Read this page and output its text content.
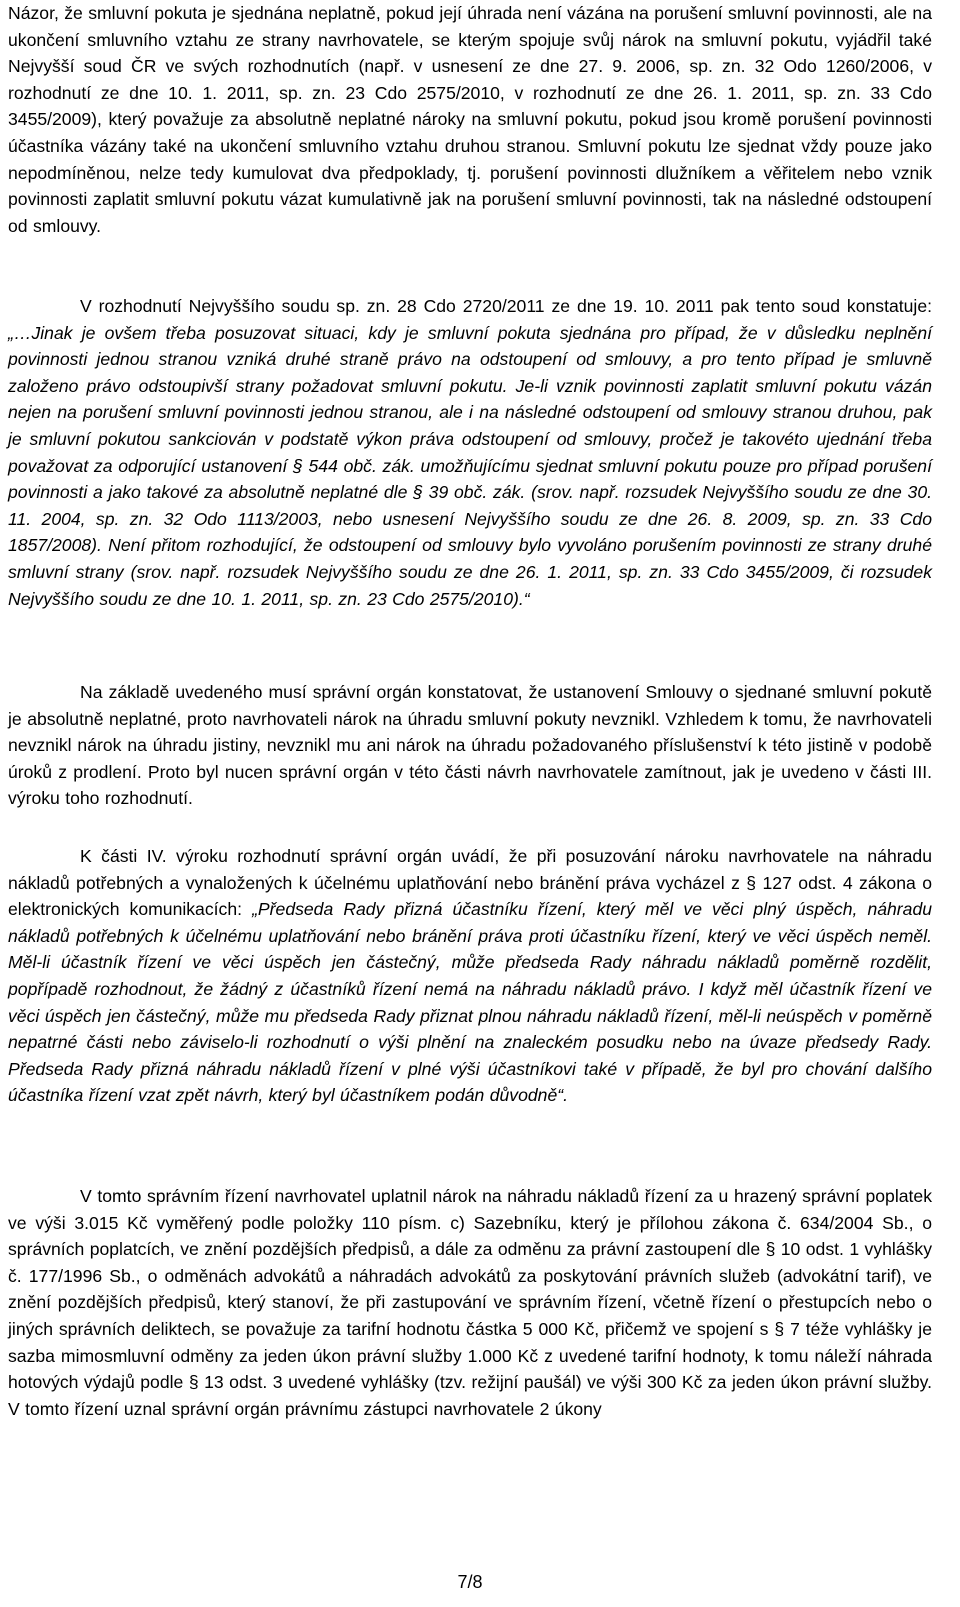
Názor, že smluvní pokuta je sjednána neplatně, pokud její úhrada není vázána na porušení smluvní povinnosti, ale na ukončení smluvního vztahu ze strany navrhovatele, se kterým spojuje svůj nárok na smluvní pokutu, vyjádřil také Nejvyšší soud ČR ve svých rozhodnutích (např. v usnesení ze dne 27. 9. 2006, sp. zn. 32 Odo 1260/2006, v rozhodnutí ze dne 10. 1. 2011, sp. zn. 23 Cdo 2575/2010, v rozhodnutí ze dne 26. 1. 2011, sp. zn. 33 Cdo 3455/2009), který považuje za absolutně neplatné nároky na smluvní pokutu, pokud jsou kromě porušení povinnosti účastníka vázány také na ukončení smluvního vztahu druhou stranou. Smluvní pokutu lze sjednat vždy pouze jako nepodmíněnou, nelze tedy kumulovat dva předpoklady, tj. porušení povinnosti dlužníkem a věřitelem nebo vznik povinnosti zaplatit smluvní pokutu vázat kumulativně jak na porušení smluvní povinnosti, tak na následné odstoupení od smlouvy.

V rozhodnutí Nejvyššího soudu sp. zn. 28 Cdo 2720/2011 ze dne 19. 10. 2011 pak tento soud konstatuje: „…Jinak je ovšem třeba posuzovat situaci, kdy je smluvní pokuta sjednána pro případ, že v důsledku neplnění povinnosti jednou stranou vzniká druhé straně právo na odstoupení od smlouvy, a pro tento případ je smluvně založeno právo odstoupivší strany požadovat smluvní pokutu. Je-li vznik povinnosti zaplatit smluvní pokutu vázán nejen na porušení smluvní povinnosti jednou stranou, ale i na následné odstoupení od smlouvy stranou druhou, pak je smluvní pokutou sankciován v podstatě výkon práva odstoupení od smlouvy, pročež je takovéto ujednání třeba považovat za odporující ustanovení § 544 obč. zák. umožňujícímu sjednat smluvní pokutu pouze pro případ porušení povinnosti a jako takové za absolutně neplatné dle § 39 obč. zák. (srov. např. rozsudek Nejvyššího soudu ze dne 30. 11. 2004, sp. zn. 32 Odo 1113/2003, nebo usnesení Nejvyššího soudu ze dne 26. 8. 2009, sp. zn. 33 Cdo 1857/2008). Není přitom rozhodující, že odstoupení od smlouvy bylo vyvoláno porušením povinnosti ze strany druhé smluvní strany (srov. např. rozsudek Nejvyššího soudu ze dne 26. 1. 2011, sp. zn. 33 Cdo 3455/2009, či rozsudek Nejvyššího soudu ze dne 10. 1. 2011, sp. zn. 23 Cdo 2575/2010).“

Na základě uvedeného musí správní orgán konstatovat, že ustanovení Smlouvy o sjednané smluvní pokutě je absolutně neplatné, proto navrhovateli nárok na úhradu smluvní pokuty nevznikl. Vzhledem k tomu, že navrhovateli nevznikl nárok na úhradu jistiny, nevznikl mu ani nárok na úhradu požadovaného příslušenství k této jistině v podobě úroků z prodlení. Proto byl nucen správní orgán v této části návrh navrhovatele zamítnout, jak je uvedeno v části III. výroku toho rozhodnutí.

K části IV. výroku rozhodnutí správní orgán uvádí, že při posuzování nároku navrhovatele na náhradu nákladů potřebných a vynaložených k účelnému uplatňování nebo bránění práva vycházel z § 127 odst. 4 zákona o elektronických komunikacích: „Předseda Rady přizná účastníku řízení, který měl ve věci plný úspěch, náhradu nákladů potřebných k účelnému uplatňování nebo bránění práva proti účastníku řízení, který ve věci úspěch neměl. Měl-li účastník řízení ve věci úspěch jen částečný, může předseda Rady náhradu nákladů poměrně rozdělit, popřípadě rozhodnout, že žádný z účastníků řízení nemá na náhradu nákladů právo. I když měl účastník řízení ve věci úspěch jen částečný, může mu předseda Rady přiznat plnou náhradu nákladů řízení, měl-li neúspěch v poměrně nepatrné části nebo záviselo-li rozhodnutí o výši plnění na znaleckém posudku nebo na úvaze předsedy Rady. Předseda Rady přizná náhradu nákladů řízení v plné výši účastníkovi také v případě, že byl pro chování dalšího účastníka řízení vzat zpět návrh, který byl účastníkem podán důvodně“.

V tomto správním řízení navrhovatel uplatnil nárok na náhradu nákladů řízení za u hrazený správní poplatek ve výši 3.015 Kč vyměřený podle položky 110 písm. c) Sazebníku, který je přílohou zákona č. 634/2004 Sb., o správních poplatcích, ve znění pozdějších předpisů, a dále za odměnu za právní zastoupení dle § 10 odst. 1 vyhlášky č. 177/1996 Sb., o odměnách advokátů a náhradách advokátů za poskytování právních služeb (advokátní tarif), ve znění pozdějších předpisů, který stanoví, že při zastupování ve správním řízení, včetně řízení o přestupcích nebo o jiných správních deliktech, se považuje za tarifní hodnotu částka 5 000 Kč, přičemž ve spojení s § 7 téže vyhlášky je sazba mimosmluvní odměny za jeden úkon právní služby 1.000 Kč z uvedené tarifní hodnoty, k tomu náleží náhrada hotových výdajů podle § 13 odst. 3 uvedené vyhlášky (tzv. režijní paušál) ve výši 300 Kč za jeden úkon právní služby. V tomto řízení uznal správní orgán právnímu zástupci navrhovatele 2 úkony

7/8
